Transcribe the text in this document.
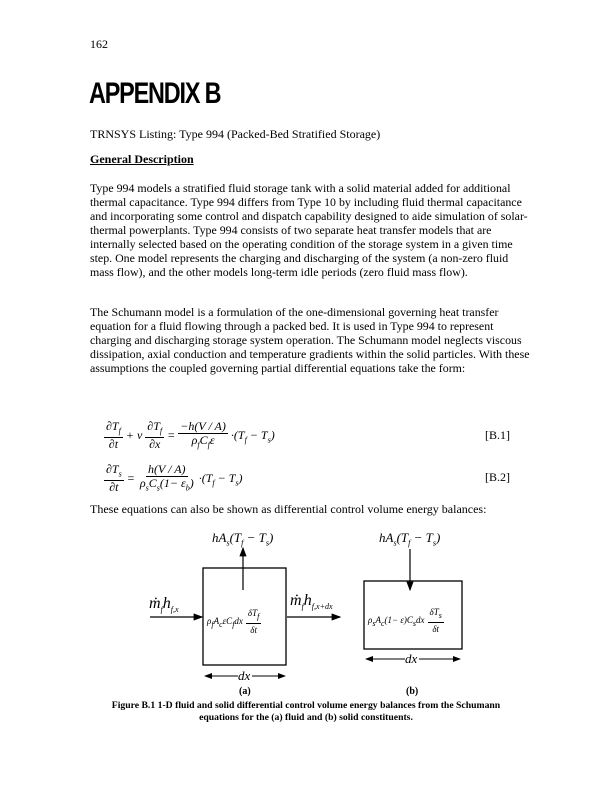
162
APPENDIX B
TRNSYS Listing: Type 994 (Packed-Bed Stratified Storage)
General Description
Type 994 models a stratified fluid storage tank with a solid material added for additional thermal capacitance. Type 994 differs from Type 10 by including fluid thermal capacitance and incorporating some control and dispatch capability designed to aide simulation of solar-thermal powerplants. Type 994 consists of two separate heat transfer models that are internally selected based on the operating condition of the storage system in a given time step. One model represents the charging and discharging of the system (a non-zero fluid mass flow), and the other models long-term idle periods (zero fluid mass flow).
The Schumann model is a formulation of the one-dimensional governing heat transfer equation for a fluid flowing through a packed bed. It is used in Type 994 to represent charging and discharging storage system operation. The Schumann model neglects viscous dissipation, axial conduction and temperature gradients within the solid particles. With these assumptions the coupled governing partial differential equations take the form:
$\frac{\partial T_f}{\partial t} + v \frac{\partial T_f}{\partial x} = \frac{-h(V / A)}{\rho_fC_f\varepsilon} \cdot(T_f - T_s)$	[B.1]
$\frac{\partial T_s}{\partial t} = \frac{h(V / A)}{\rho_sC_s(1- \varepsilon_b)} \cdot(T_f - T_s)$	[B.2]
These equations can also be shown as differential control volume energy balances:
$hA_s(T_f - T_s)$
$ṁ_fh_{f,x}$
$ṁ_fh_{f,x+dx}$
$\rho_fA_c\varepsilon C_fdx \frac{\delta T_f}{\delta t}$
dx
(a)
$hA_s(T_f - T_s)$
$\rho_sA_c(1- \varepsilon)C_sdx \frac{\delta T_s}{\delta t}$
dx
(b)
Figure B.1 1-D fluid and solid differential control volume energy balances from the Schumann
equations for the (a) fluid and (b) solid constituents.
